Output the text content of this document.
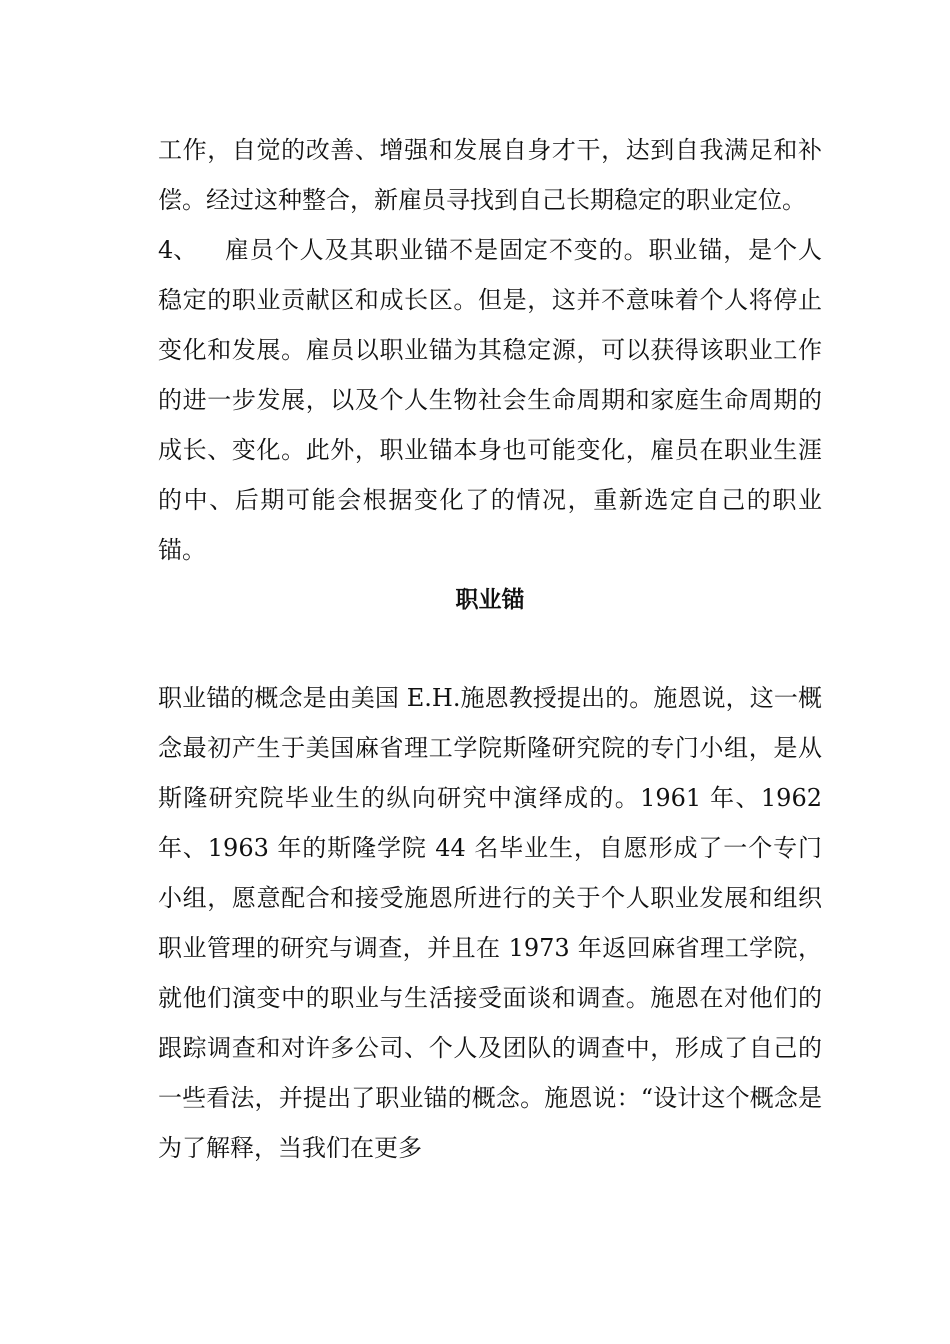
工作，自觉的改善、增强和发展自身才干，达到自我满足和补偿。经过这种整合，新雇员寻找到自己长期稳定的职业定位。

4、 雇员个人及其职业锚不是固定不变的。职业锚，是个人稳定的职业贡献区和成长区。但是，这并不意味着个人将停止变化和发展。雇员以职业锚为其稳定源，可以获得该职业工作的进一步发展，以及个人生物社会生命周期和家庭生命周期的成长、变化。此外，职业锚本身也可能变化，雇员在职业生涯的中、后期可能会根据变化了的情况，重新选定自己的职业锚。

职业锚

职业锚的概念是由美国 E.H.施恩教授提出的。施恩说，这一概念最初产生于美国麻省理工学院斯隆研究院的专门小组，是从斯隆研究院毕业生的纵向研究中演绎成的。1961 年、1962 年、1963 年的斯隆学院 44 名毕业生，自愿形成了一个专门小组，愿意配合和接受施恩所进行的关于个人职业发展和组织职业管理的研究与调查，并且在 1973 年返回麻省理工学院，就他们演变中的职业与生活接受面谈和调查。施恩在对他们的跟踪调查和对许多公司、个人及团队的调查中，形成了自己的一些看法，并提出了职业锚的概念。施恩说：“设计这个概念是为了解释，当我们在更多
